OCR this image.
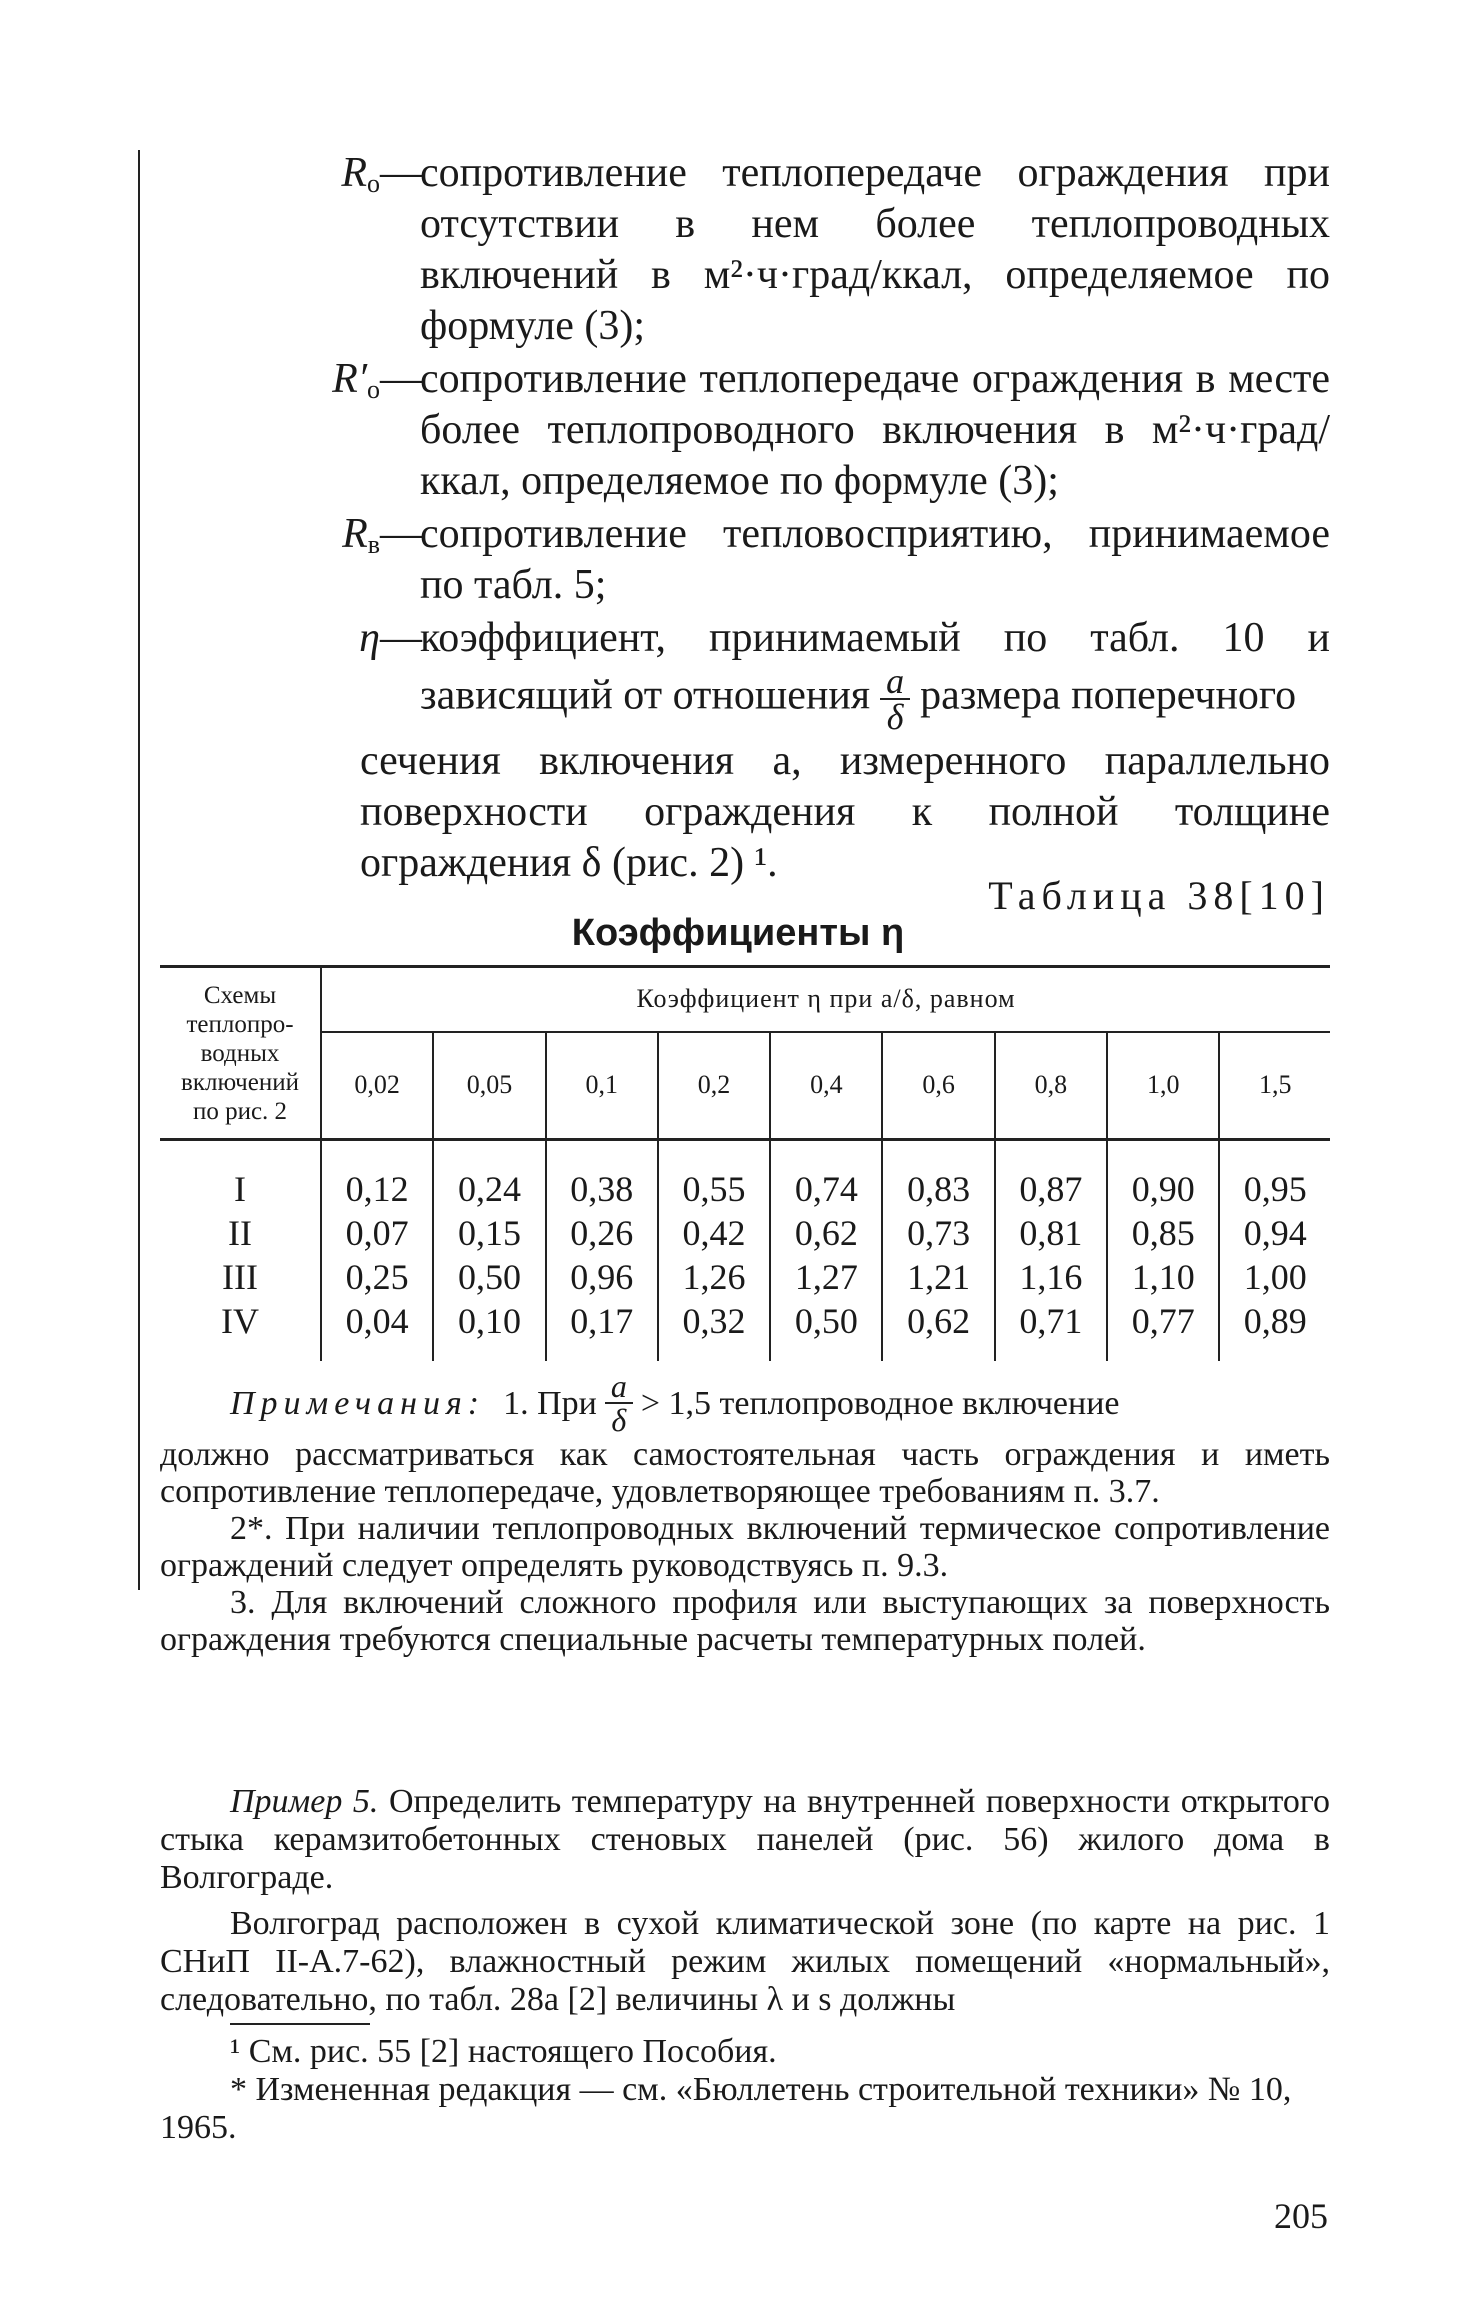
$R_о$ —
сопротивление теплопередаче ограждения при отсутствии в нем более теплопроводных включений в м²·ч·град/ккал, определяемое по формуле (3);
$R'_о$ —
сопротивление теплопередаче ограждения в месте более теплопроводного включения в м²·ч·град/ккал, определяемое по формуле (3);
$R_в$ —
сопротивление тепловосприятию, принимаемое по табл. 5;
η —
коэффициент, принимаемый по табл. 10 и зависящий от отношения $\frac{a}{\delta}$ размера поперечного
сечения включения a, измеренного параллельно поверхности ограждения к полной толщине ограждения δ (рис. 2) ¹.
Таблица 38[10]
Коэффициенты η
Схемы
теплопро-
водных
включений
по рис. 2	Коэффициент η при a/δ, равном								
	0,02	0,05	0,1	0,2	0,4	0,6	0,8	1,0	1,5
I	0,12	0,24	0,38	0,55	0,74	0,83	0,87	0,90	0,95
II	0,07	0,15	0,26	0,42	0,62	0,73	0,81	0,85	0,94
III	0,25	0,50	0,96	1,26	1,27	1,21	1,16	1,10	1,00
IV	0,04	0,10	0,17	0,32	0,50	0,62	0,71	0,77	0,89
Примечания: 1. При $\frac{a}{\delta} > 1,5$ теплопроводное включение

должно рассматриваться как самостоятельная часть ограждения и иметь сопротивление теплопередаче, удовлетворяющее требованиям п. 3.7.

2*. При наличии теплопроводных включений термическое сопротивление ограждений следует определять руководствуясь п. 9.3.

3. Для включений сложного профиля или выступающих за поверхность ограждения требуются специальные расчеты температурных полей.

Пример 5. Определить температуру на внутренней поверхности открытого стыка керамзитобетонных стеновых панелей (рис. 56) жилого дома в Волгограде.

Волгоград расположен в сухой климатической зоне (по карте на рис. 1 СНиП II-А.7-62), влажностный режим жилых помещений «нормальный», следовательно, по табл. 28а [2] величины λ и s должны

¹ См. рис. 55 [2] настоящего Пособия.

* Измененная редакция — см. «Бюллетень строительной техники» № 10, 1965.

205
